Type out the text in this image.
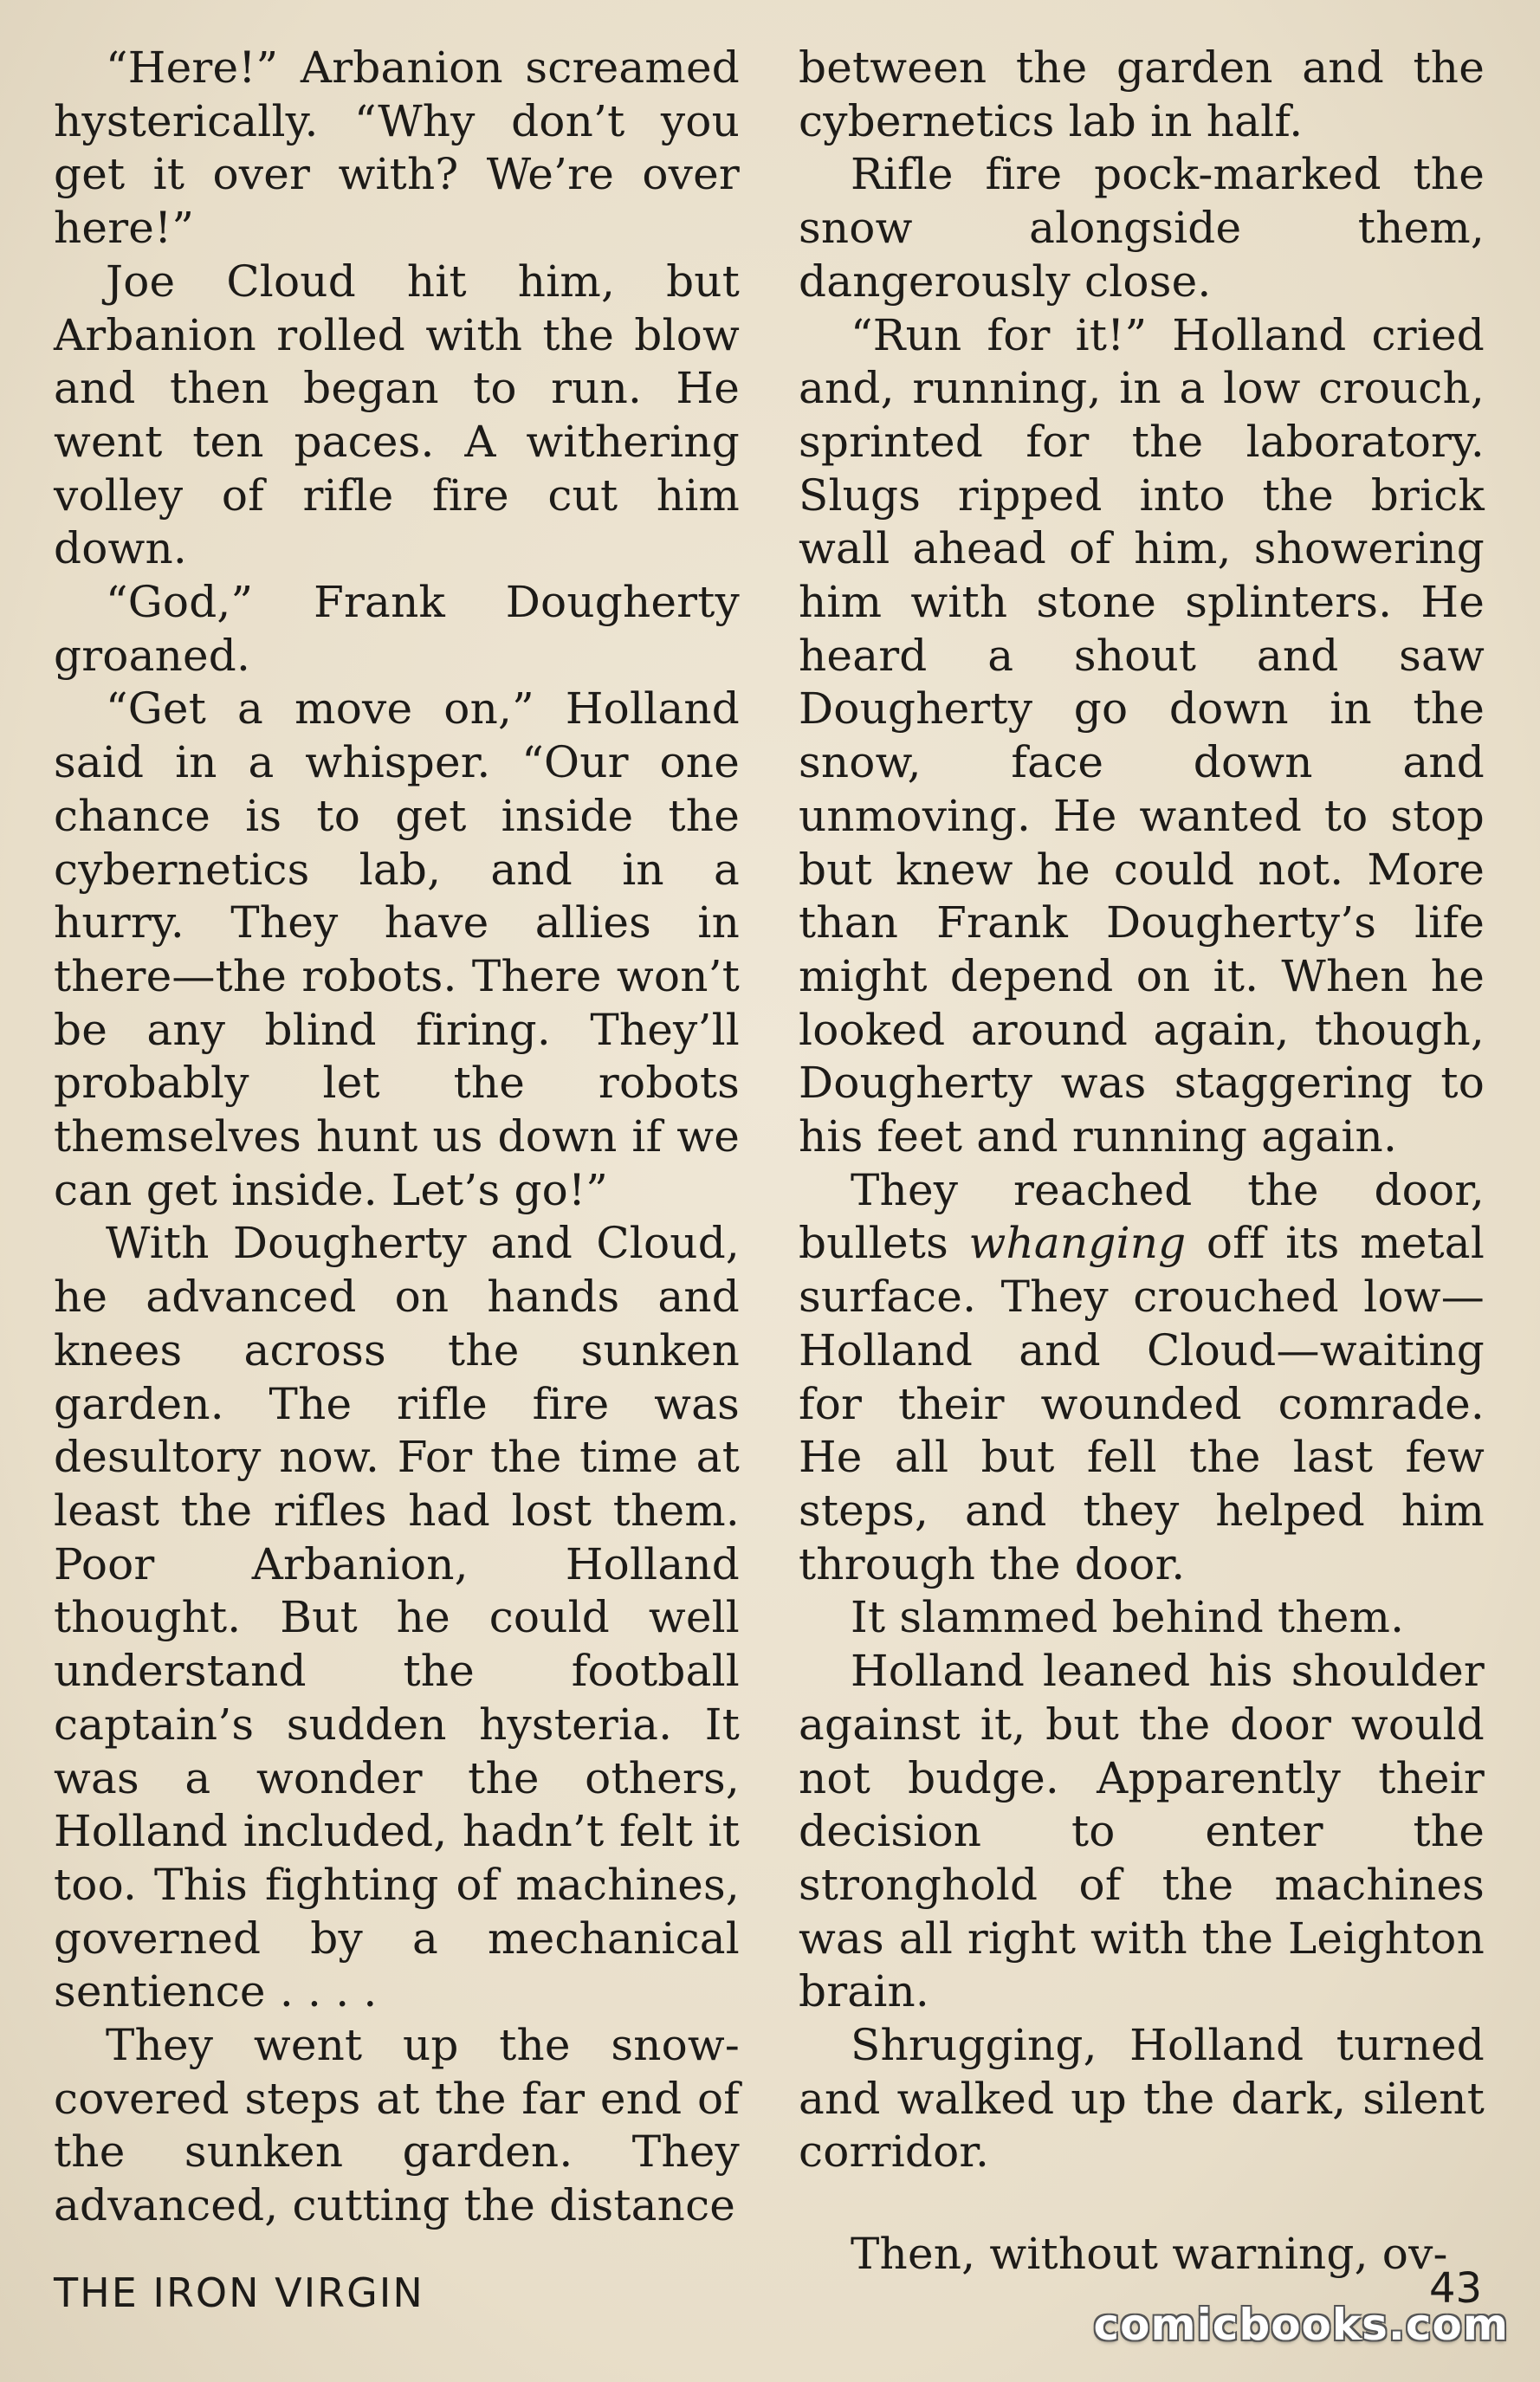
“Here!” Arbanion screamed hysterically. “Why don’t you get it over with? We’re over here!”

Joe Cloud hit him, but Arbanion rolled with the blow and then began to run. He went ten paces. A withering volley of rifle fire cut him down.

“God,” Frank Dougherty groaned.

“Get a move on,” Holland said in a whisper. “Our one chance is to get inside the cybernetics lab, and in a hurry. They have allies in there—the robots. There won’t be any blind firing. They’ll probably let the robots themselves hunt us down if we can get inside. Let’s go!”

With Dougherty and Cloud, he advanced on hands and knees across the sunken garden. The rifle fire was desultory now. For the time at least the rifles had lost them. Poor Arbanion, Holland thought. But he could well understand the football captain’s sudden hysteria. It was a wonder the others, Holland included, hadn’t felt it too. This fighting of machines, governed by a mechanical sentience . . . .

They went up the snow-covered steps at the far end of the sunken garden. They advanced, cutting the distance

between the garden and the cybernetics lab in half.

Rifle fire pock-marked the snow alongside them, dangerously close.

“Run for it!” Holland cried and, running, in a low crouch, sprinted for the laboratory. Slugs ripped into the brick wall ahead of him, showering him with stone splinters. He heard a shout and saw Dougherty go down in the snow, face down and unmoving. He wanted to stop but knew he could not. More than Frank Dougherty’s life might depend on it. When he looked around again, though, Dougherty was staggering to his feet and running again.

They reached the door, bullets whanging off its metal surface. They crouched low—Holland and Cloud—waiting for their wounded comrade. He all but fell the last few steps, and they helped him through the door.

It slammed behind them.

Holland leaned his shoulder against it, but the door would not budge. Apparently their decision to enter the stronghold of the machines was all right with the Leighton brain.

Shrugging, Holland turned and walked up the dark, silent corridor.

Then, without warning, ov-

THE IRON VIRGIN	43
comicbooks.com
